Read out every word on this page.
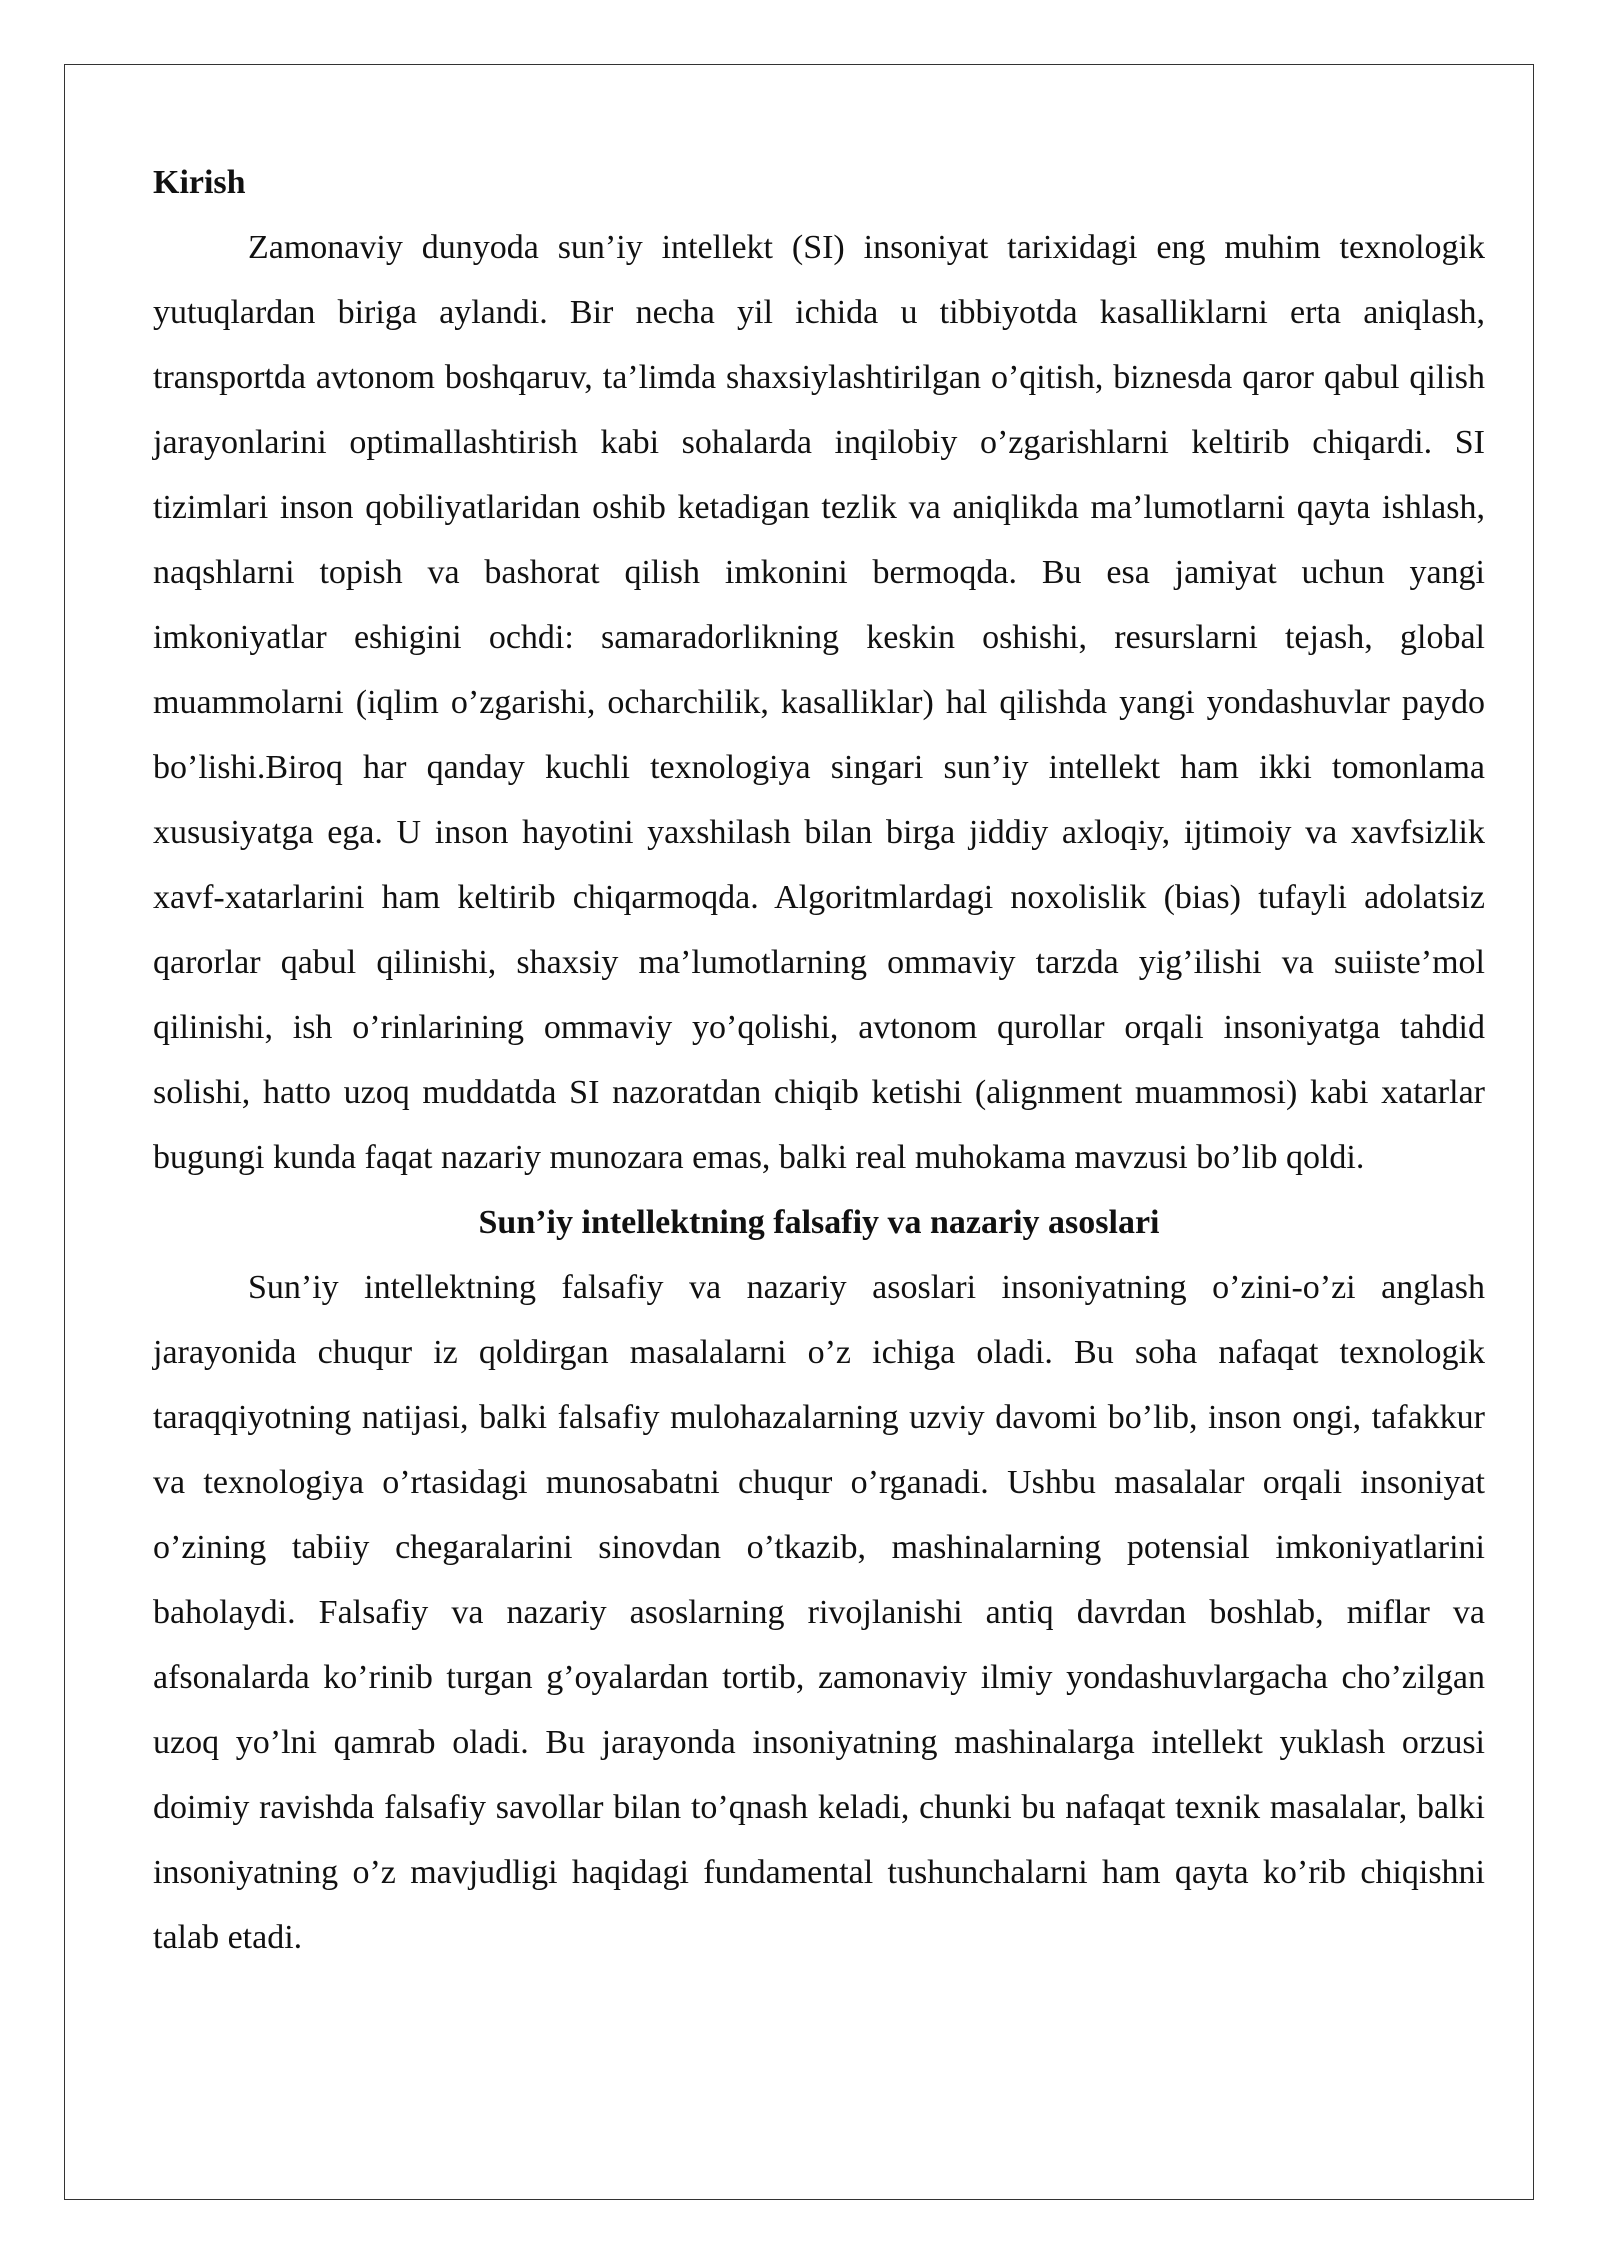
Kirish

Zamonaviy dunyoda sun’iy intellekt (SI) insoniyat tarixidagi eng muhim texnologik yutuqlardan biriga aylandi. Bir necha yil ichida u tibbiyotda kasalliklarni erta aniqlash, transportda avtonom boshqaruv, ta’limda shaxsiylashtirilgan o’qitish, biznesda qaror qabul qilish jarayonlarini optimallashtirish kabi sohalarda inqilobiy o’zgarishlarni keltirib chiqardi. SI tizimlari inson qobiliyatlaridan oshib ketadigan tezlik va aniqlikda ma’lumotlarni qayta ishlash, naqshlarni topish va bashorat qilish imkonini bermoqda. Bu esa jamiyat uchun yangi imkoniyatlar eshigini ochdi: samaradorlikning keskin oshishi, resurslarni tejash, global muammolarni (iqlim o’zgarishi, ocharchilik, kasalliklar) hal qilishda yangi yondashuvlar paydo bo’lishi.Biroq har qanday kuchli texnologiya singari sun’iy intellekt ham ikki tomonlama xususiyatga ega. U inson hayotini yaxshilash bilan birga jiddiy axloqiy, ijtimoiy va xavfsizlik xavf-xatarlarini ham keltirib chiqarmoqda. Algoritmlardagi noxolislik (bias) tufayli adolatsiz qarorlar qabul qilinishi, shaxsiy ma’lumotlarning ommaviy tarzda yig’ilishi va suiiste’mol qilinishi, ish o’rinlarining ommaviy yo’qolishi, avtonom qurollar orqali insoniyatga tahdid solishi, hatto uzoq muddatda SI nazoratdan chiqib ketishi (alignment muammosi) kabi xatarlar bugungi kunda faqat nazariy munozara emas, balki real muhokama mavzusi bo’lib qoldi.

Sun’iy intellektning falsafiy va nazariy asoslari

Sun’iy intellektning falsafiy va nazariy asoslari insoniyatning o’zini-o’zi anglash jarayonida chuqur iz qoldirgan masalalarni o’z ichiga oladi. Bu soha nafaqat texnologik taraqqiyotning natijasi, balki falsafiy mulohazalarning uzviy davomi bo’lib, inson ongi, tafakkur va texnologiya o’rtasidagi munosabatni chuqur o’rganadi. Ushbu masalalar orqali insoniyat o’zining tabiiy chegaralarini sinovdan o’tkazib, mashinalarning potensial imkoniyatlarini baholaydi. Falsafiy va nazariy asoslarning rivojlanishi antiq davrdan boshlab, miflar va afsonalarda ko’rinib turgan g’oyalardan tortib, zamonaviy ilmiy yondashuvlargacha cho’zilgan uzoq yo’lni qamrab oladi. Bu jarayonda insoniyatning mashinalarga intellekt yuklash orzusi doimiy ravishda falsafiy savollar bilan to’qnash keladi, chunki bu nafaqat texnik masalalar, balki insoniyatning o’z mavjudligi haqidagi fundamental tushunchalarni ham qayta ko’rib chiqishni talab etadi.
